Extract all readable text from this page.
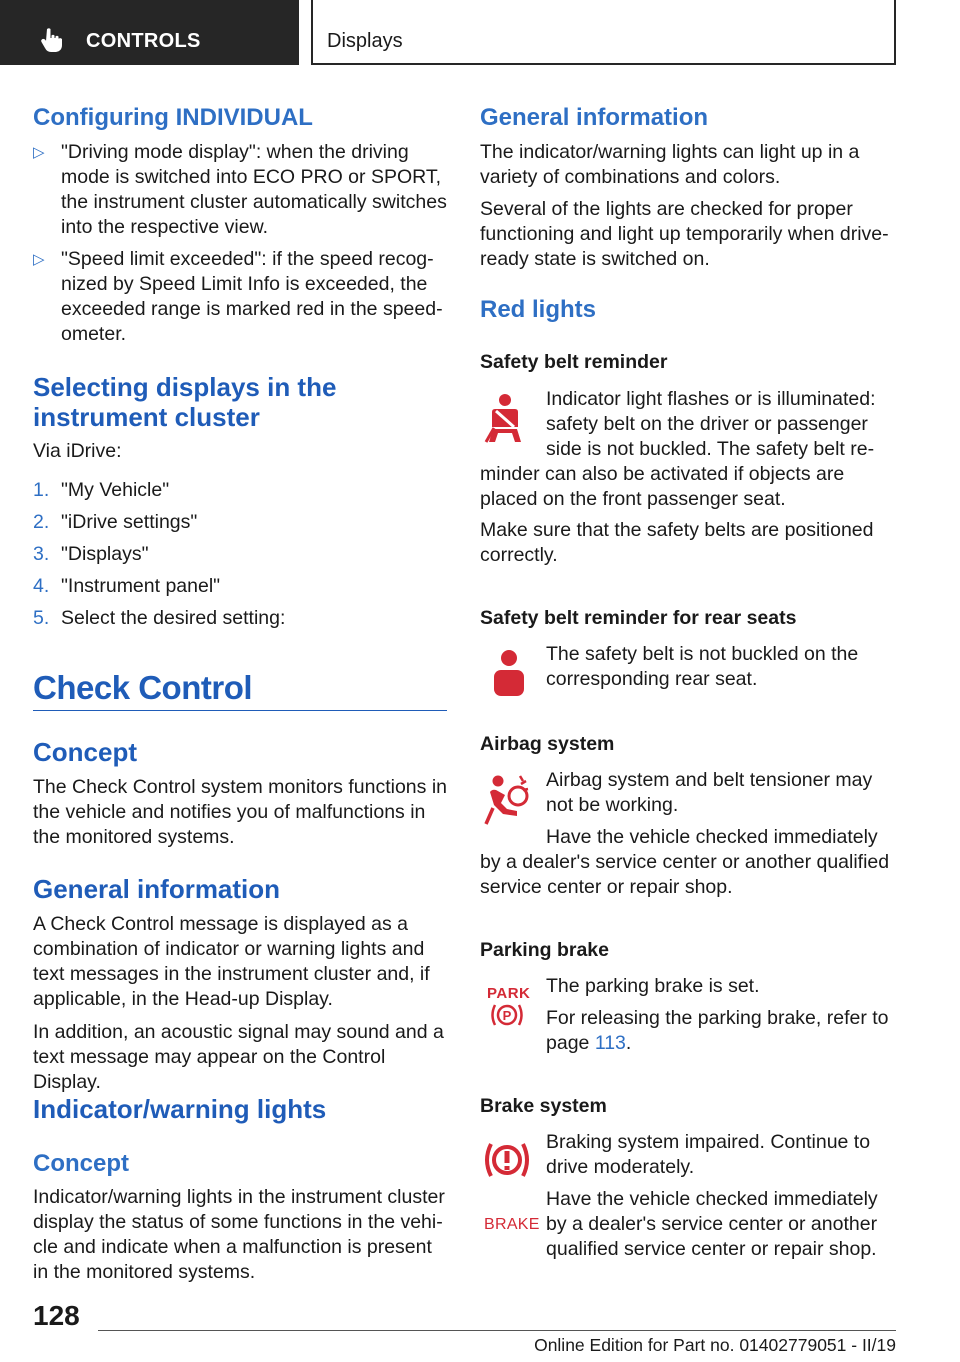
CONTROLS	Displays
Configuring INDIVIDUAL
▷ "Driving mode display": when the driving mode is switched into ECO PRO or SPORT, the instrument cluster automatically switches into the respective view.
▷ "Speed limit exceeded": if the speed recognized by Speed Limit Info is exceeded, the exceeded range is marked red in the speedometer.
Selecting displays in the instrument cluster
Via iDrive:
1. "My Vehicle"
2. "iDrive settings"
3. "Displays"
4. "Instrument panel"
5. Select the desired setting:
Check Control
Concept
The Check Control system monitors functions in the vehicle and notifies you of malfunctions in the monitored systems.
General information
A Check Control message is displayed as a combination of indicator or warning lights and text messages in the instrument cluster and, if applicable, in the Head-up Display.
In addition, an acoustic signal may sound and a text message may appear on the Control Display.
Indicator/warning lights
Concept
Indicator/warning lights in the instrument cluster display the status of some functions in the vehicle and indicate when a malfunction is present in the monitored systems.
General information
The indicator/warning lights can light up in a variety of combinations and colors.
Several of the lights are checked for proper functioning and light up temporarily when drive-ready state is switched on.
Red lights
Safety belt reminder
Indicator light flashes or is illuminated: safety belt on the driver or passenger side is not buckled. The safety belt reminder can also be activated if objects are placed on the front passenger seat.
Make sure that the safety belts are positioned correctly.
Safety belt reminder for rear seats
The safety belt is not buckled on the corresponding rear seat.
Airbag system
Airbag system and belt tensioner may not be working.
Have the vehicle checked immediately by a dealer's service center or another qualified service center or repair shop.
Parking brake
PARK
P
The parking brake is set.
For releasing the parking brake, refer to page 113.
Brake system
Braking system impaired. Continue to drive moderately.
BRAKE
Have the vehicle checked immediately by a dealer's service center or another qualified service center or repair shop.
128
Online Edition for Part no. 01402779051 - II/19
